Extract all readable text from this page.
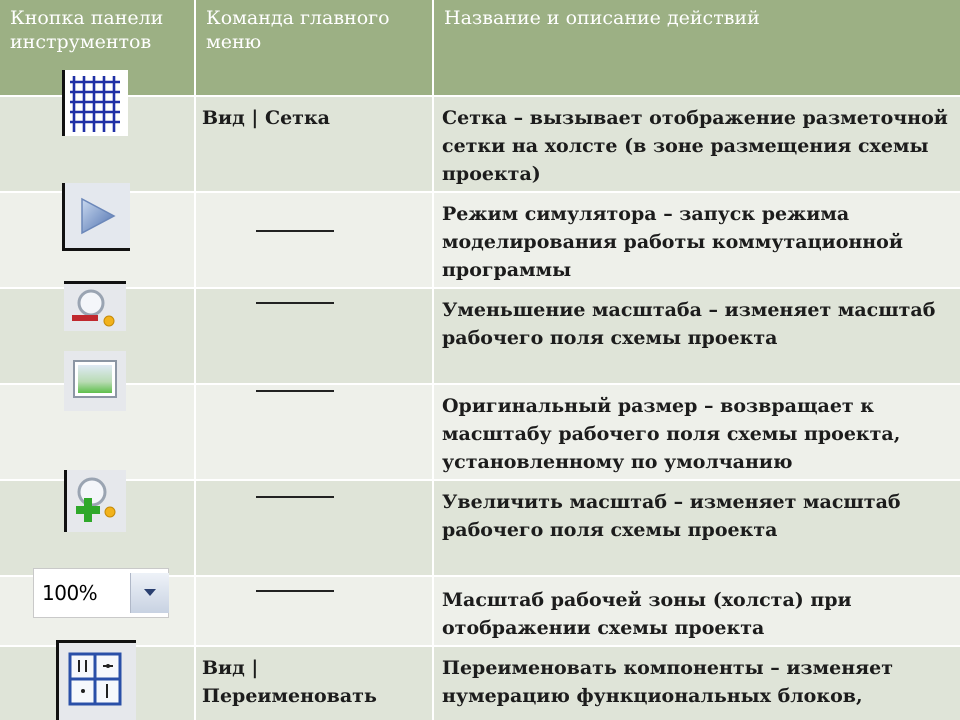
Кнопка панели инструментов
Команда главного меню
Название и описание действий
Вид | Сетка	Сетка – вызывает отображение разметочной сетки на холсте (в зоне размещения схемы проекта)
Режим симулятора – запуск режима моделирования работы коммутационной программы
Уменьшение масштаба – изменяет масштаб рабочего поля схемы проекта
Оригинальный размер – возвращает к масштабу рабочего поля схемы проекта, установленному по умолчанию
Увеличить масштаб – изменяет масштаб рабочего поля схемы проекта
100%	Масштаб рабочей зоны (холста) при отображении схемы проекта
Вид | Переименовать
Переименовать компоненты – изменяет нумерацию функциональных блоков,
